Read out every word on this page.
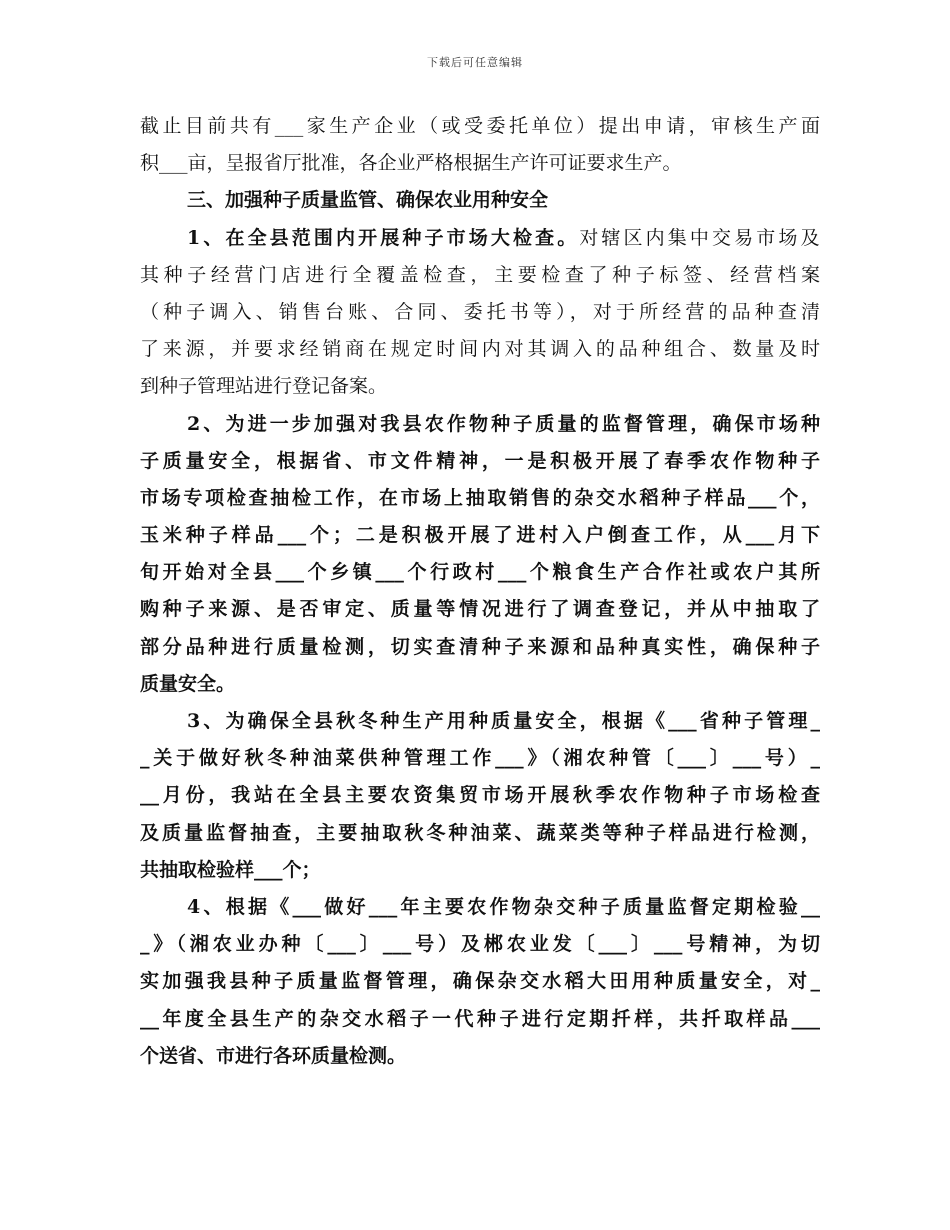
下载后可任意编辑
截止目前共有___家生产企业（或受委托单位）提出申请，审核生产面
积___亩，呈报省厅批准，各企业严格根据生产许可证要求生产。
三、加强种子质量监管、确保农业用种安全
1、在全县范围内开展种子市场大检查。对辖区内集中交易市场及
其种子经营门店进行全覆盖检查，主要检查了种子标签、经营档案
（种子调入、销售台账、合同、委托书等），对于所经营的品种查清
了来源，并要求经销商在规定时间内对其调入的品种组合、数量及时
到种子管理站进行登记备案。
2、为进一步加强对我县农作物种子质量的监督管理，确保市场种
子质量安全，根据省、市文件精神，一是积极开展了春季农作物种子
市场专项检查抽检工作，在市场上抽取销售的杂交水稻种子样品___个，
玉米种子样品___个；二是积极开展了进村入户倒查工作，从___月下
旬开始对全县___个乡镇___个行政村___个粮食生产合作社或农户其所
购种子来源、是否审定、质量等情况进行了调查登记，并从中抽取了
部分品种进行质量检测，切实查清种子来源和品种真实性，确保种子
质量安全。
3、为确保全县秋冬种生产用种质量安全，根据《___省种子管理_
_关于做好秋冬种油菜供种管理工作___》（湘农种管〔___〕___号）_
__月份，我站在全县主要农资集贸市场开展秋季农作物种子市场检查
及质量监督抽查，主要抽取秋冬种油菜、蔬菜类等种子样品进行检测，
共抽取检验样___个；
4、根据《___做好___年主要农作物杂交种子质量监督定期检验__
_》（湘农业办种〔___〕___号）及郴农业发〔___〕___号精神，为切
实加强我县种子质量监督管理，确保杂交水稻大田用种质量安全，对_
__年度全县生产的杂交水稻子一代种子进行定期扦样，共扦取样品___
个送省、市进行各环质量检测。
